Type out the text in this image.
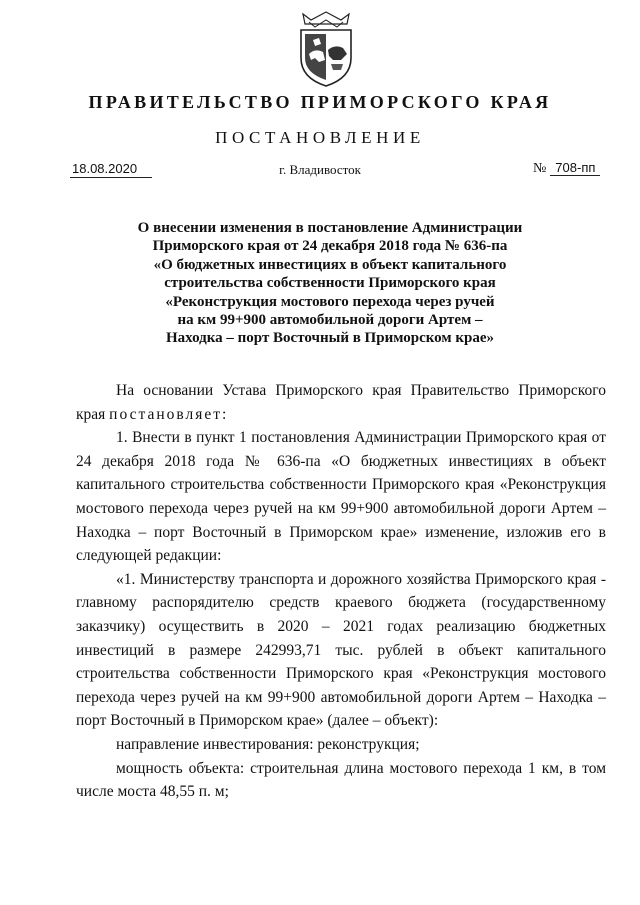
ПРАВИТЕЛЬСТВО ПРИМОРСКОГО КРАЯ
ПОСТАНОВЛЕНИЕ
18.08.2020	г. Владивосток	№ 708-пп
О внесении изменения в постановление Администрации
Приморского края от 24 декабря 2018 года № 636-па
«О бюджетных инвестициях в объект капитального
строительства собственности Приморского края
«Реконструкция мостового перехода через ручей
на км 99+900 автомобильной дороги Артем –
Находка – порт Восточный в Приморском крае»

На основании Устава Приморского края Правительство Приморского края постановляет:

1. Внести в пункт 1 постановления Администрации Приморского края от 24 декабря 2018 года № 636-па «О бюджетных инвестициях в объект капитального строительства собственности Приморского края «Реконструкция мостового перехода через ручей на км 99+900 автомобильной дороги Артем – Находка – порт Восточный в Приморском крае» изменение, изложив его в следующей редакции:

«1. Министерству транспорта и дорожного хозяйства Приморского края - главному распорядителю средств краевого бюджета (государственному заказчику) осуществить в 2020 – 2021 годах реализацию бюджетных инвестиций в размере 242993,71 тыс. рублей в объект капитального строительства собственности Приморского края «Реконструкция мостового перехода через ручей на км 99+900 автомобильной дороги Артем – Находка – порт Восточный в Приморском крае» (далее – объект):

направление инвестирования: реконструкция;

мощность объекта: строительная длина мостового перехода 1 км, в том числе моста 48,55 п. м;
